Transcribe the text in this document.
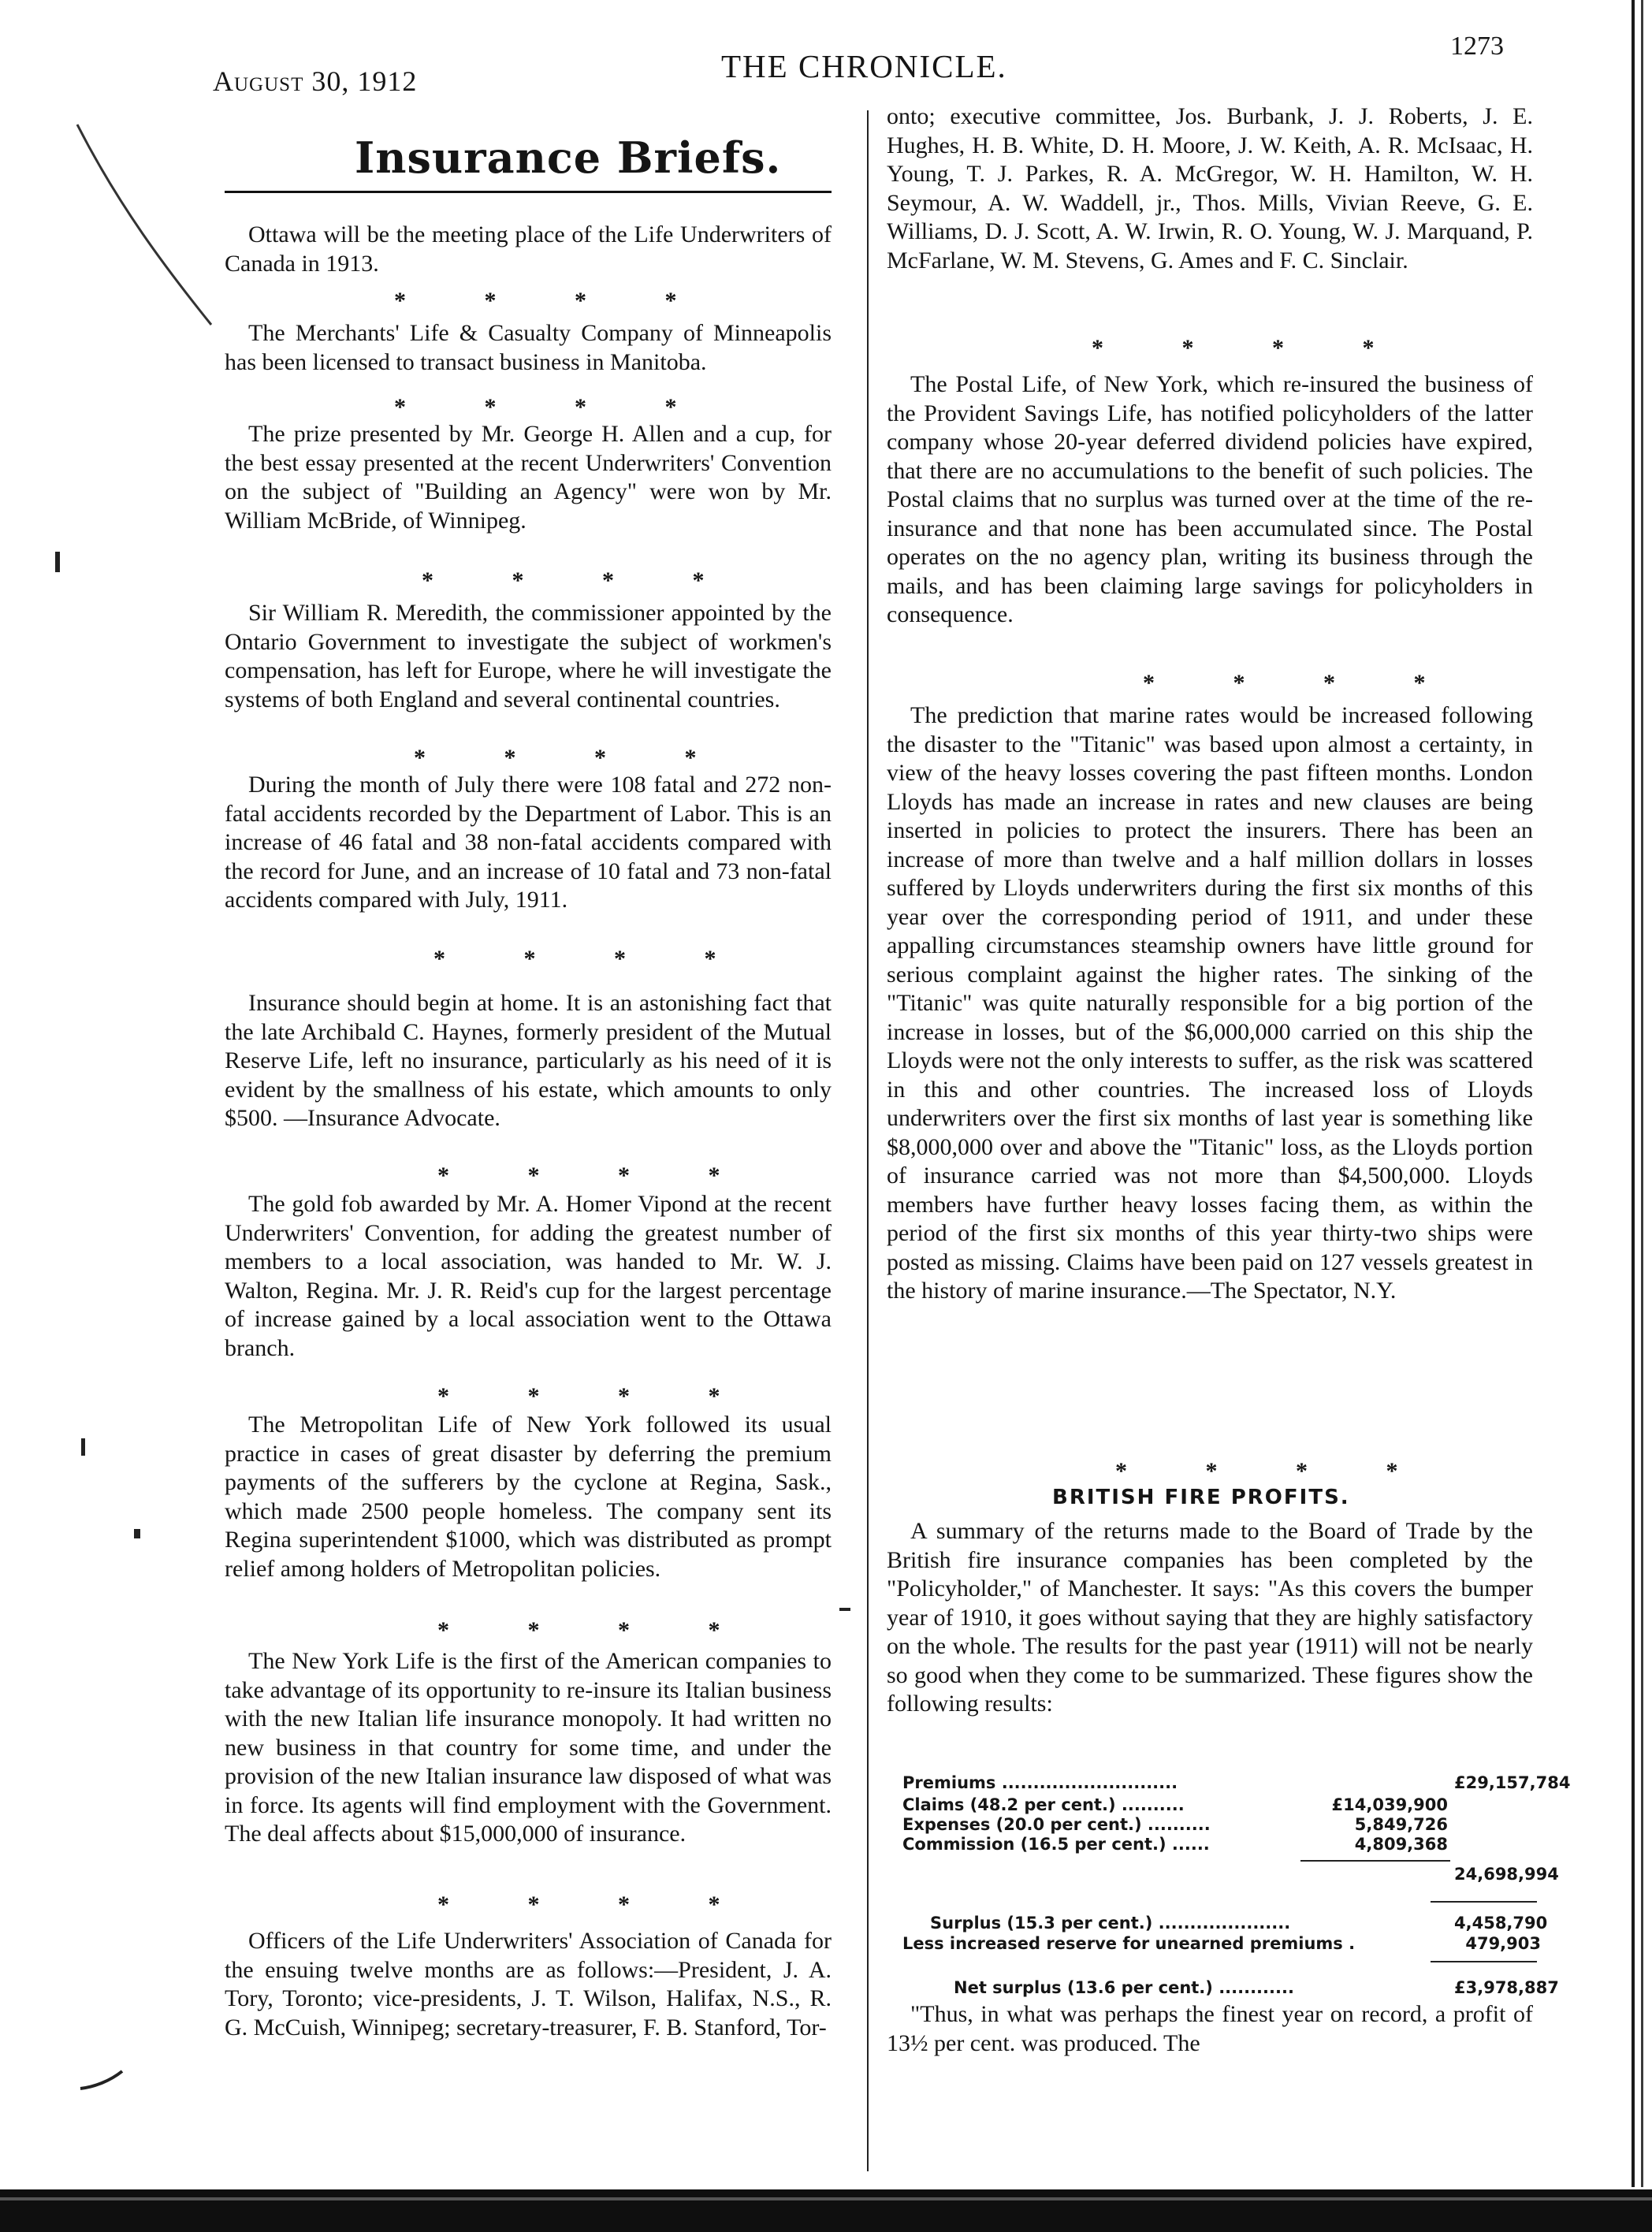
August 30, 1912	THE CHRONICLE.
1273
Insurance Briefs.

Ottawa will be the meeting place of the Life Underwriters of Canada in 1913.

* * * *

The Merchants' Life & Casualty Company of Minneapolis has been licensed to transact business in Manitoba.

* * * *

The prize presented by Mr. George H. Allen and a cup, for the best essay presented at the recent Underwriters' Convention on the subject of "Building an Agency" were won by Mr. William McBride, of Winnipeg.

* * * *

Sir William R. Meredith, the commissioner appointed by the Ontario Government to investigate the subject of workmen's compensation, has left for Europe, where he will investigate the systems of both England and several continental countries.

* * * *

During the month of July there were 108 fatal and 272 non-fatal accidents recorded by the Department of Labor. This is an increase of 46 fatal and 38 non-fatal accidents compared with the record for June, and an increase of 10 fatal and 73 non-fatal accidents compared with July, 1911.

* * * *

Insurance should begin at home. It is an astonishing fact that the late Archibald C. Haynes, formerly president of the Mutual Reserve Life, left no insurance, particularly as his need of it is evident by the smallness of his estate, which amounts to only $500. —Insurance Advocate.

* * * *

The gold fob awarded by Mr. A. Homer Vipond at the recent Underwriters' Convention, for adding the greatest number of members to a local association, was handed to Mr. W. J. Walton, Regina. Mr. J. R. Reid's cup for the largest percentage of increase gained by a local association went to the Ottawa branch.

* * * *

The Metropolitan Life of New York followed its usual practice in cases of great disaster by deferring the premium payments of the sufferers by the cyclone at Regina, Sask., which made 2500 people homeless. The company sent its Regina superintendent $1000, which was distributed as prompt relief among holders of Metropolitan policies.

* * * *

The New York Life is the first of the American companies to take advantage of its opportunity to re-insure its Italian business with the new Italian life insurance monopoly. It had written no new business in that country for some time, and under the provision of the new Italian insurance law disposed of what was in force. Its agents will find employment with the Government. The deal affects about $15,000,000 of insurance.

* * * *

Officers of the Life Underwriters' Association of Canada for the ensuing twelve months are as follows:—President, J. A. Tory, Toronto; vice-presidents, J. T. Wilson, Halifax, N.S., R. G. McCuish, Winnipeg; secretary-treasurer, F. B. Stanford, Tor-

onto; executive committee, Jos. Burbank, J. J. Roberts, J. E. Hughes, H. B. White, D. H. Moore, J. W. Keith, A. R. McIsaac, H. Young, T. J. Parkes, R. A. McGregor, W. H. Hamilton, W. H. Seymour, A. W. Waddell, jr., Thos. Mills, Vivian Reeve, G. E. Williams, D. J. Scott, A. W. Irwin, R. O. Young, W. J. Marquand, P. McFarlane, W. M. Stevens, G. Ames and F. C. Sinclair.

* * * *

The Postal Life, of New York, which re-insured the business of the Provident Savings Life, has notified policyholders of the latter company whose 20-year deferred dividend policies have expired, that there are no accumulations to the benefit of such policies. The Postal claims that no surplus was turned over at the time of the re-insurance and that none has been accumulated since. The Postal operates on the no agency plan, writing its business through the mails, and has been claiming large savings for policyholders in consequence.

* * * *

The prediction that marine rates would be increased following the disaster to the "Titanic" was based upon almost a certainty, in view of the heavy losses covering the past fifteen months. London Lloyds has made an increase in rates and new clauses are being inserted in policies to protect the insurers. There has been an increase of more than twelve and a half million dollars in losses suffered by Lloyds underwriters during the first six months of this year over the corresponding period of 1911, and under these appalling circumstances steamship owners have little ground for serious complaint against the higher rates. The sinking of the "Titanic" was quite naturally responsible for a big portion of the increase in losses, but of the $6,000,000 carried on this ship the Lloyds were not the only interests to suffer, as the risk was scattered in this and other countries. The increased loss of Lloyds underwriters over the first six months of last year is something like $8,000,000 over and above the "Titanic" loss, as the Lloyds portion of insurance carried was not more than $4,500,000. Lloyds members have further heavy losses facing them, as within the period of the first six months of this year thirty-two ships were posted as missing. Claims have been paid on 127 vessels greatest in the history of marine insurance.—The Spectator, N.Y.

* * * *
BRITISH FIRE PROFITS.

A summary of the returns made to the Board of Trade by the British fire insurance companies has been completed by the "Policyholder," of Manchester. It says: "As this covers the bumper year of 1910, it goes without saying that they are highly satisfactory on the whole. The results for the past year (1911) will not be nearly so good when they come to be summarized. These figures show the following results:

Premiums ............................	£29,157,784
Claims (48.2 per cent.) ..........	£14,039,900
Expenses (20.0 per cent.) ..........	5,849,726
Commission (16.5 per cent.) ......	4,809,368
24,698,994
Surplus (15.3 per cent.) .....................	4,458,790
Less increased reserve for unearned premiums .	479,903
Net surplus (13.6 per cent.) ............	£3,978,887

"Thus, in what was perhaps the finest year on record, a profit of 13½ per cent. was produced. The
